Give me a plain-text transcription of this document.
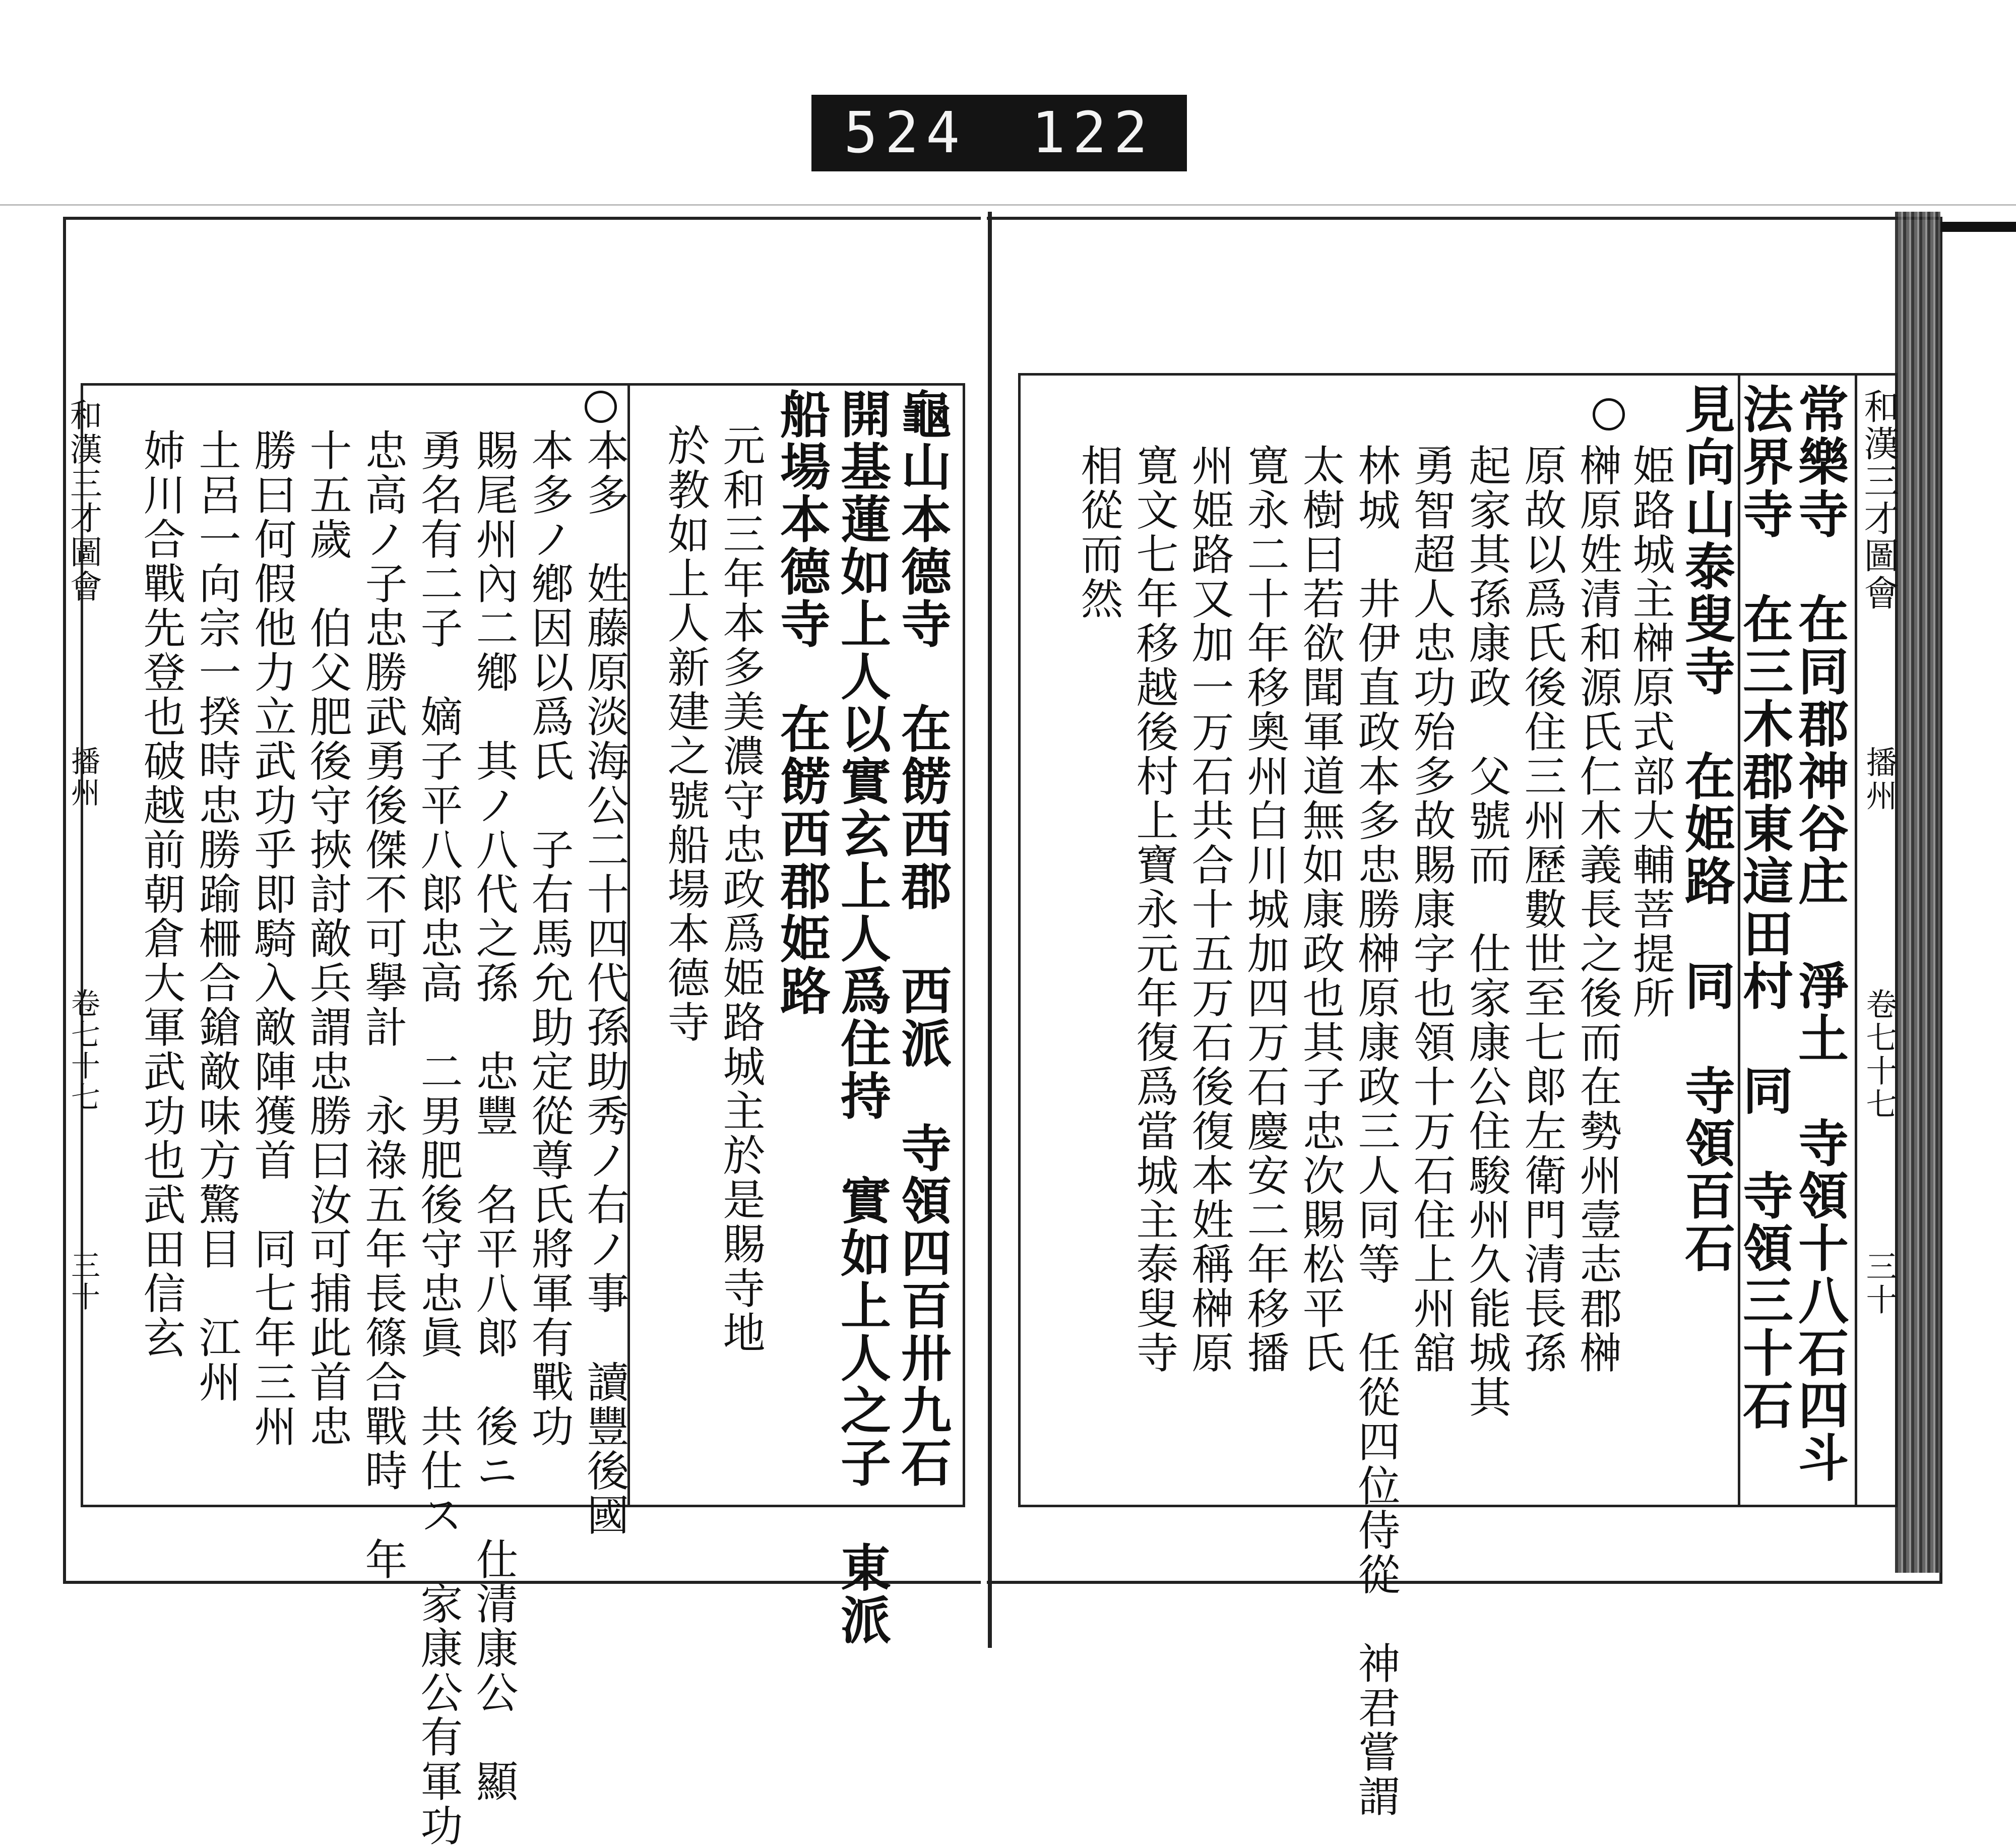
524 122
和漢三才圖會
播州
卷七十七
三十
常樂寺　在同郡神谷庄　淨土　寺領十八石四斗
法界寺　在三木郡東這田村　同　寺領三十石
見向山泰叟寺　在姫路　同　寺領百石
姫路城主榊原式部大輔菩提所
榊原姓清和源氏仁木義長之後而在勢州壹志郡榊
原故以爲氏後住三州歷數世至七郞左衛門清長孫
起家其孫康政　父號而　仕家康公住駿州久能城其
勇智超人忠功殆多故賜康字也領十万石住上州舘
林城　井伊直政本多忠勝榊原康政三人同等　任從四位侍從　神君嘗謂
太樹曰若欲聞軍道無如康政也其子忠次賜松平氏
寛永二十年移奧州白川城加四万石慶安二年移播
州姫路又加一万石共合十五万石後復本姓稱榊原
寛文七年移越後村上寶永元年復爲當城主泰叟寺
相從而然
和漢三才圖會
播州
卷七十七
三十	龜山本德寺　在餝西郡　西派　寺領四百卅九石
開基蓮如上人以實玄上人爲住持　實如上人之子　東派
船場本德寺　在餝西郡姫路
元和三年本多美濃守忠政爲姫路城主於是賜寺地
於教如上人新建之號船場本德寺
本多　姓藤原淡海公二十四代孫助秀ノ右ノ事　讀豐後國
本多ノ鄕因以爲氏　子右馬允助定從尊氏將軍有戰功
賜尾州內二鄕　其ノ八代之孫　忠豐　名平八郞　後ニ　仕清康公　顯
勇名有二子　嫡子平八郞忠高　二男肥後守忠眞　共仕ス　家康公有軍功
忠高ノ子忠勝武勇後傑不可擧計　永祿五年長篠合戰時　年
十五歲　伯父肥後守挾討敵兵謂忠勝曰汝可捕此首忠
勝曰何假他力立武功乎即騎入敵陣獲首　同七年三州
土呂一向宗一揆時忠勝踰柵合鎗敵味方驚目　江州
姉川合戰先登也破越前朝倉大軍武功也武田信玄
